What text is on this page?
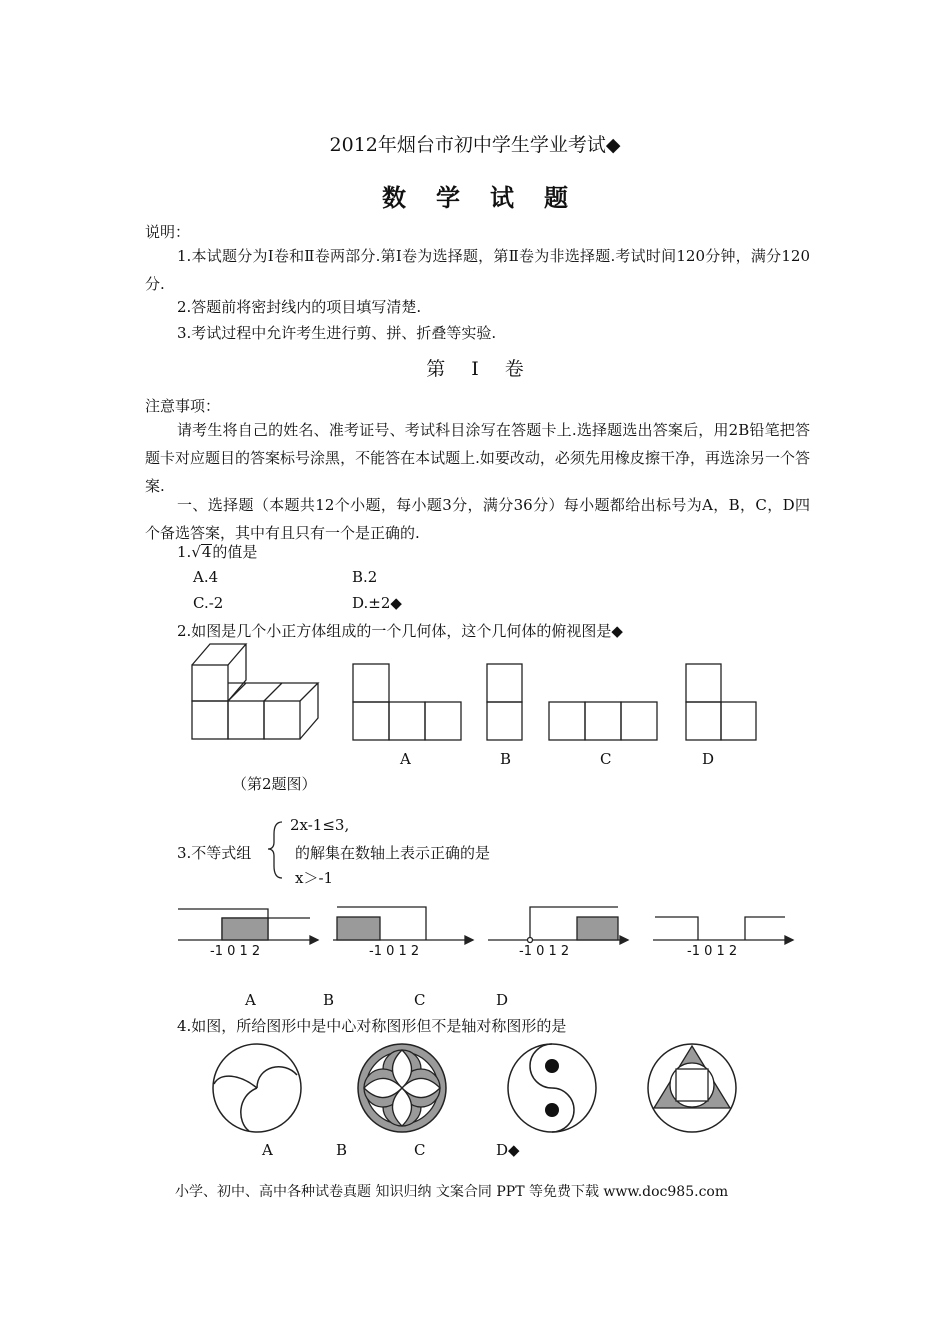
2012年烟台市初中学生学业考试◆
数学试题
说明：
1.本试题分为Ⅰ卷和Ⅱ卷两部分.第Ⅰ卷为选择题，第Ⅱ卷为非选择题.考试时间120分钟，满分120分.
2.答题前将密封线内的项目填写清楚.
3.考试过程中允许考生进行剪、拼、折叠等实验.
第Ⅰ卷
注意事项：
请考生将自己的姓名、准考证号、考试科目涂写在答题卡上.选择题选出答案后，用2B铅笔把答题卡对应题目的答案标号涂黑，不能答在本试题上.如要改动，必须先用橡皮擦干净，再选涂另一个答案.
一、选择题（本题共12个小题，每小题3分，满分36分）每小题都给出标号为A，B，C，D四个备选答案，其中有且只有一个是正确的.
1.√4的值是
A.4	B.2
C.-2	D.±2◆
2.如图是几个小正方体组成的一个几何体，这个几何体的俯视图是◆
A	B	C	D
（第2题图）
3.不等式组
2x-1≤3,
的解集在数轴上表示正确的是
x＞-1
-1 0 1 2	-1 0 1 2	-1 0 1 2	-1 0 1 2
A	B	C	D
4.如图，所给图形中是中心对称图形但不是轴对称图形的是
A	B	C	D◆
小学、初中、高中各种试卷真题 知识归纳 文案合同 PPT 等免费下载 www.doc985.com
